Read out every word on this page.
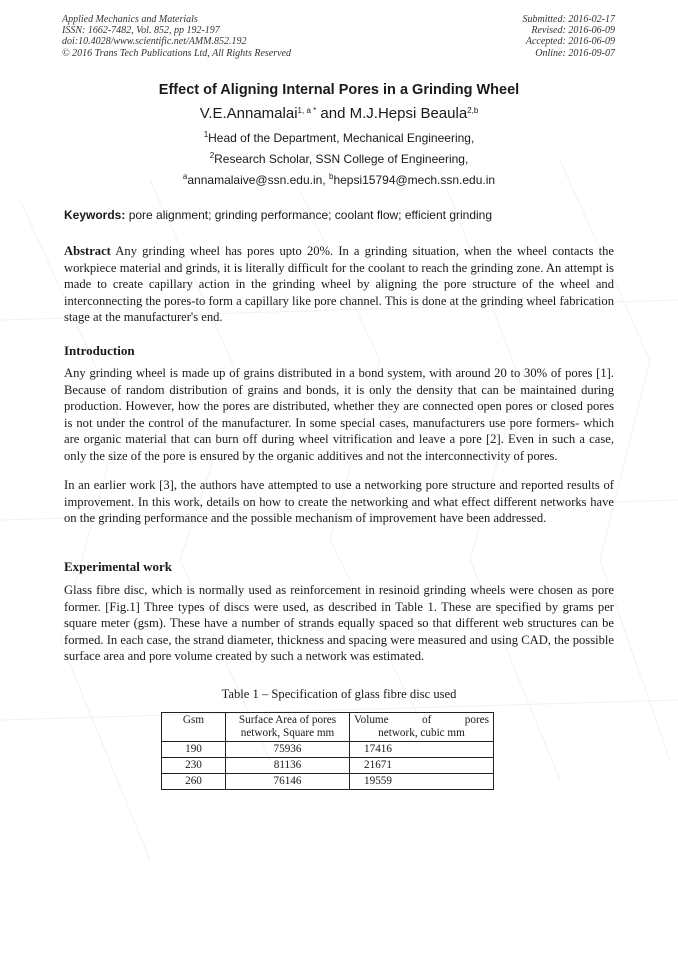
Applied Mechanics and Materials
ISSN: 1662-7482, Vol. 852, pp 192-197
doi:10.4028/www.scientific.net/AMM.852.192
© 2016 Trans Tech Publications Ltd, All Rights Reserved
Submitted: 2016-02-17
Revised: 2016-06-09
Accepted: 2016-06-09
Online: 2016-09-07
Effect of Aligning Internal Pores in a Grinding Wheel
V.E.Annamalai$^{1, a *}$ and M.J.Hepsi Beaula$^{2,b}$
$^1$Head of the Department, Mechanical Engineering,
$^2$Research Scholar, SSN College of Engineering,
$^a$annamalaive@ssn.edu.in, $^b$hepsi15794@mech.ssn.edu.in
Keywords: pore alignment; grinding performance; coolant flow; efficient grinding
Abstract Any grinding wheel has pores upto 20%. In a grinding situation, when the wheel contacts the workpiece material and grinds, it is literally difficult for the coolant to reach the grinding zone. An attempt is made to create capillary action in the grinding wheel by aligning the pore structure of the wheel and interconnecting the pores-to form a capillary like pore channel. This is done at the grinding wheel fabrication stage at the manufacturer's end.
Introduction
Any grinding wheel is made up of grains distributed in a bond system, with around 20 to 30% of pores [1]. Because of random distribution of grains and bonds, it is only the density that can be maintained during production. However, how the pores are distributed, whether they are connected open pores or closed pores is not under the control of the manufacturer. In some special cases, manufacturers use pore formers- which are organic material that can burn off during wheel vitrification and leave a pore [2]. Even in such a case, only the size of the pore is ensured by the organic additives and not the interconnectivity of pores.
In an earlier work [3], the authors have attempted to use a networking pore structure and reported results of improvement. In this work, details on how to create the networking and what effect different networks have on the grinding performance and the possible mechanism of improvement have been addressed.
Experimental work
Glass fibre disc, which is normally used as reinforcement in resinoid grinding wheels were chosen as pore former. [Fig.1] Three types of discs were used, as described in Table 1. These are specified by grams per square meter (gsm). These have a number of strands equally spaced so that different web structures can be formed. In each case, the strand diameter, thickness and spacing were measured and using CAD, the possible surface area and pore volume created by such a network was estimated.
Table 1 – Specification of glass fibre disc used
Gsm	Surface Area of pores network, Square mm	Volume of pores
network, cubic mm

190	75936	17416
230	81136	21671
260	76146	19559
